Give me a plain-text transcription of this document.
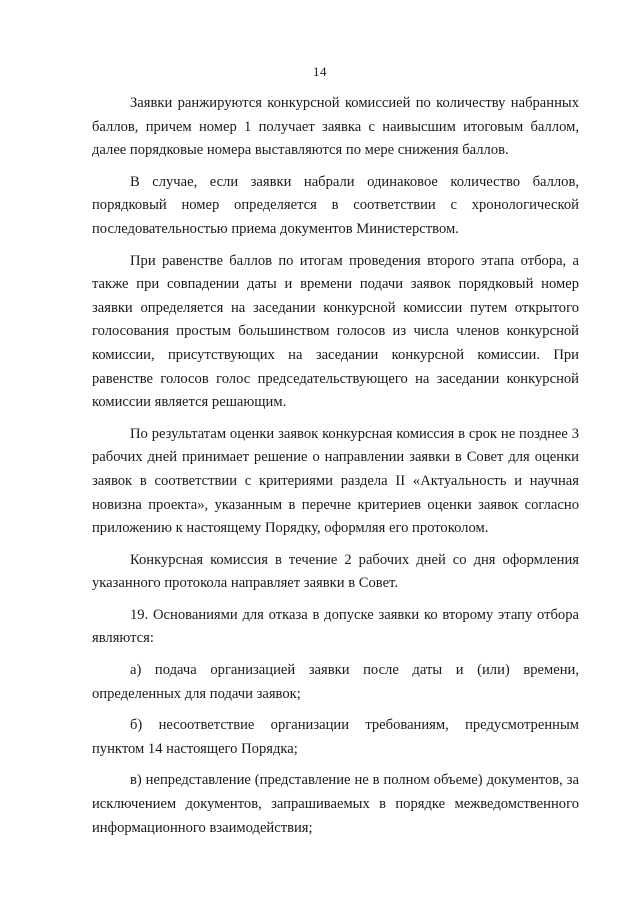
14

Заявки ранжируются конкурсной комиссией по количеству набранных баллов, причем номер 1 получает заявка с наивысшим итоговым баллом, далее порядковые номера выставляются по мере снижения баллов.

В случае, если заявки набрали одинаковое количество баллов, порядковый номер определяется в соответствии с хронологической последовательностью приема документов Министерством.

При равенстве баллов по итогам проведения второго этапа отбора, а также при совпадении даты и времени подачи заявок порядковый номер заявки определяется на заседании конкурсной комиссии путем открытого голосования простым большинством голосов из числа членов конкурсной комиссии, присутствующих на заседании конкурсной комиссии. При равенстве голосов голос председательствующего на заседании конкурсной комиссии является решающим.

По результатам оценки заявок конкурсная комиссия в срок не позднее 3 рабочих дней принимает решение о направлении заявки в Совет для оценки заявок в соответствии с критериями раздела II «Актуальность и научная новизна проекта», указанным в перечне критериев оценки заявок согласно приложению к настоящему Порядку, оформляя его протоколом.

Конкурсная комиссия в течение 2 рабочих дней со дня оформления указанного протокола направляет заявки в Совет.

19. Основаниями для отказа в допуске заявки ко второму этапу отбора являются:

а) подача организацией заявки после даты и (или) времени, определенных для подачи заявок;

б) несоответствие организации требованиям, предусмотренным пунктом 14 настоящего Порядка;

в) непредставление (представление не в полном объеме) документов, за исключением документов, запрашиваемых в порядке межведомственного информационного взаимодействия;
